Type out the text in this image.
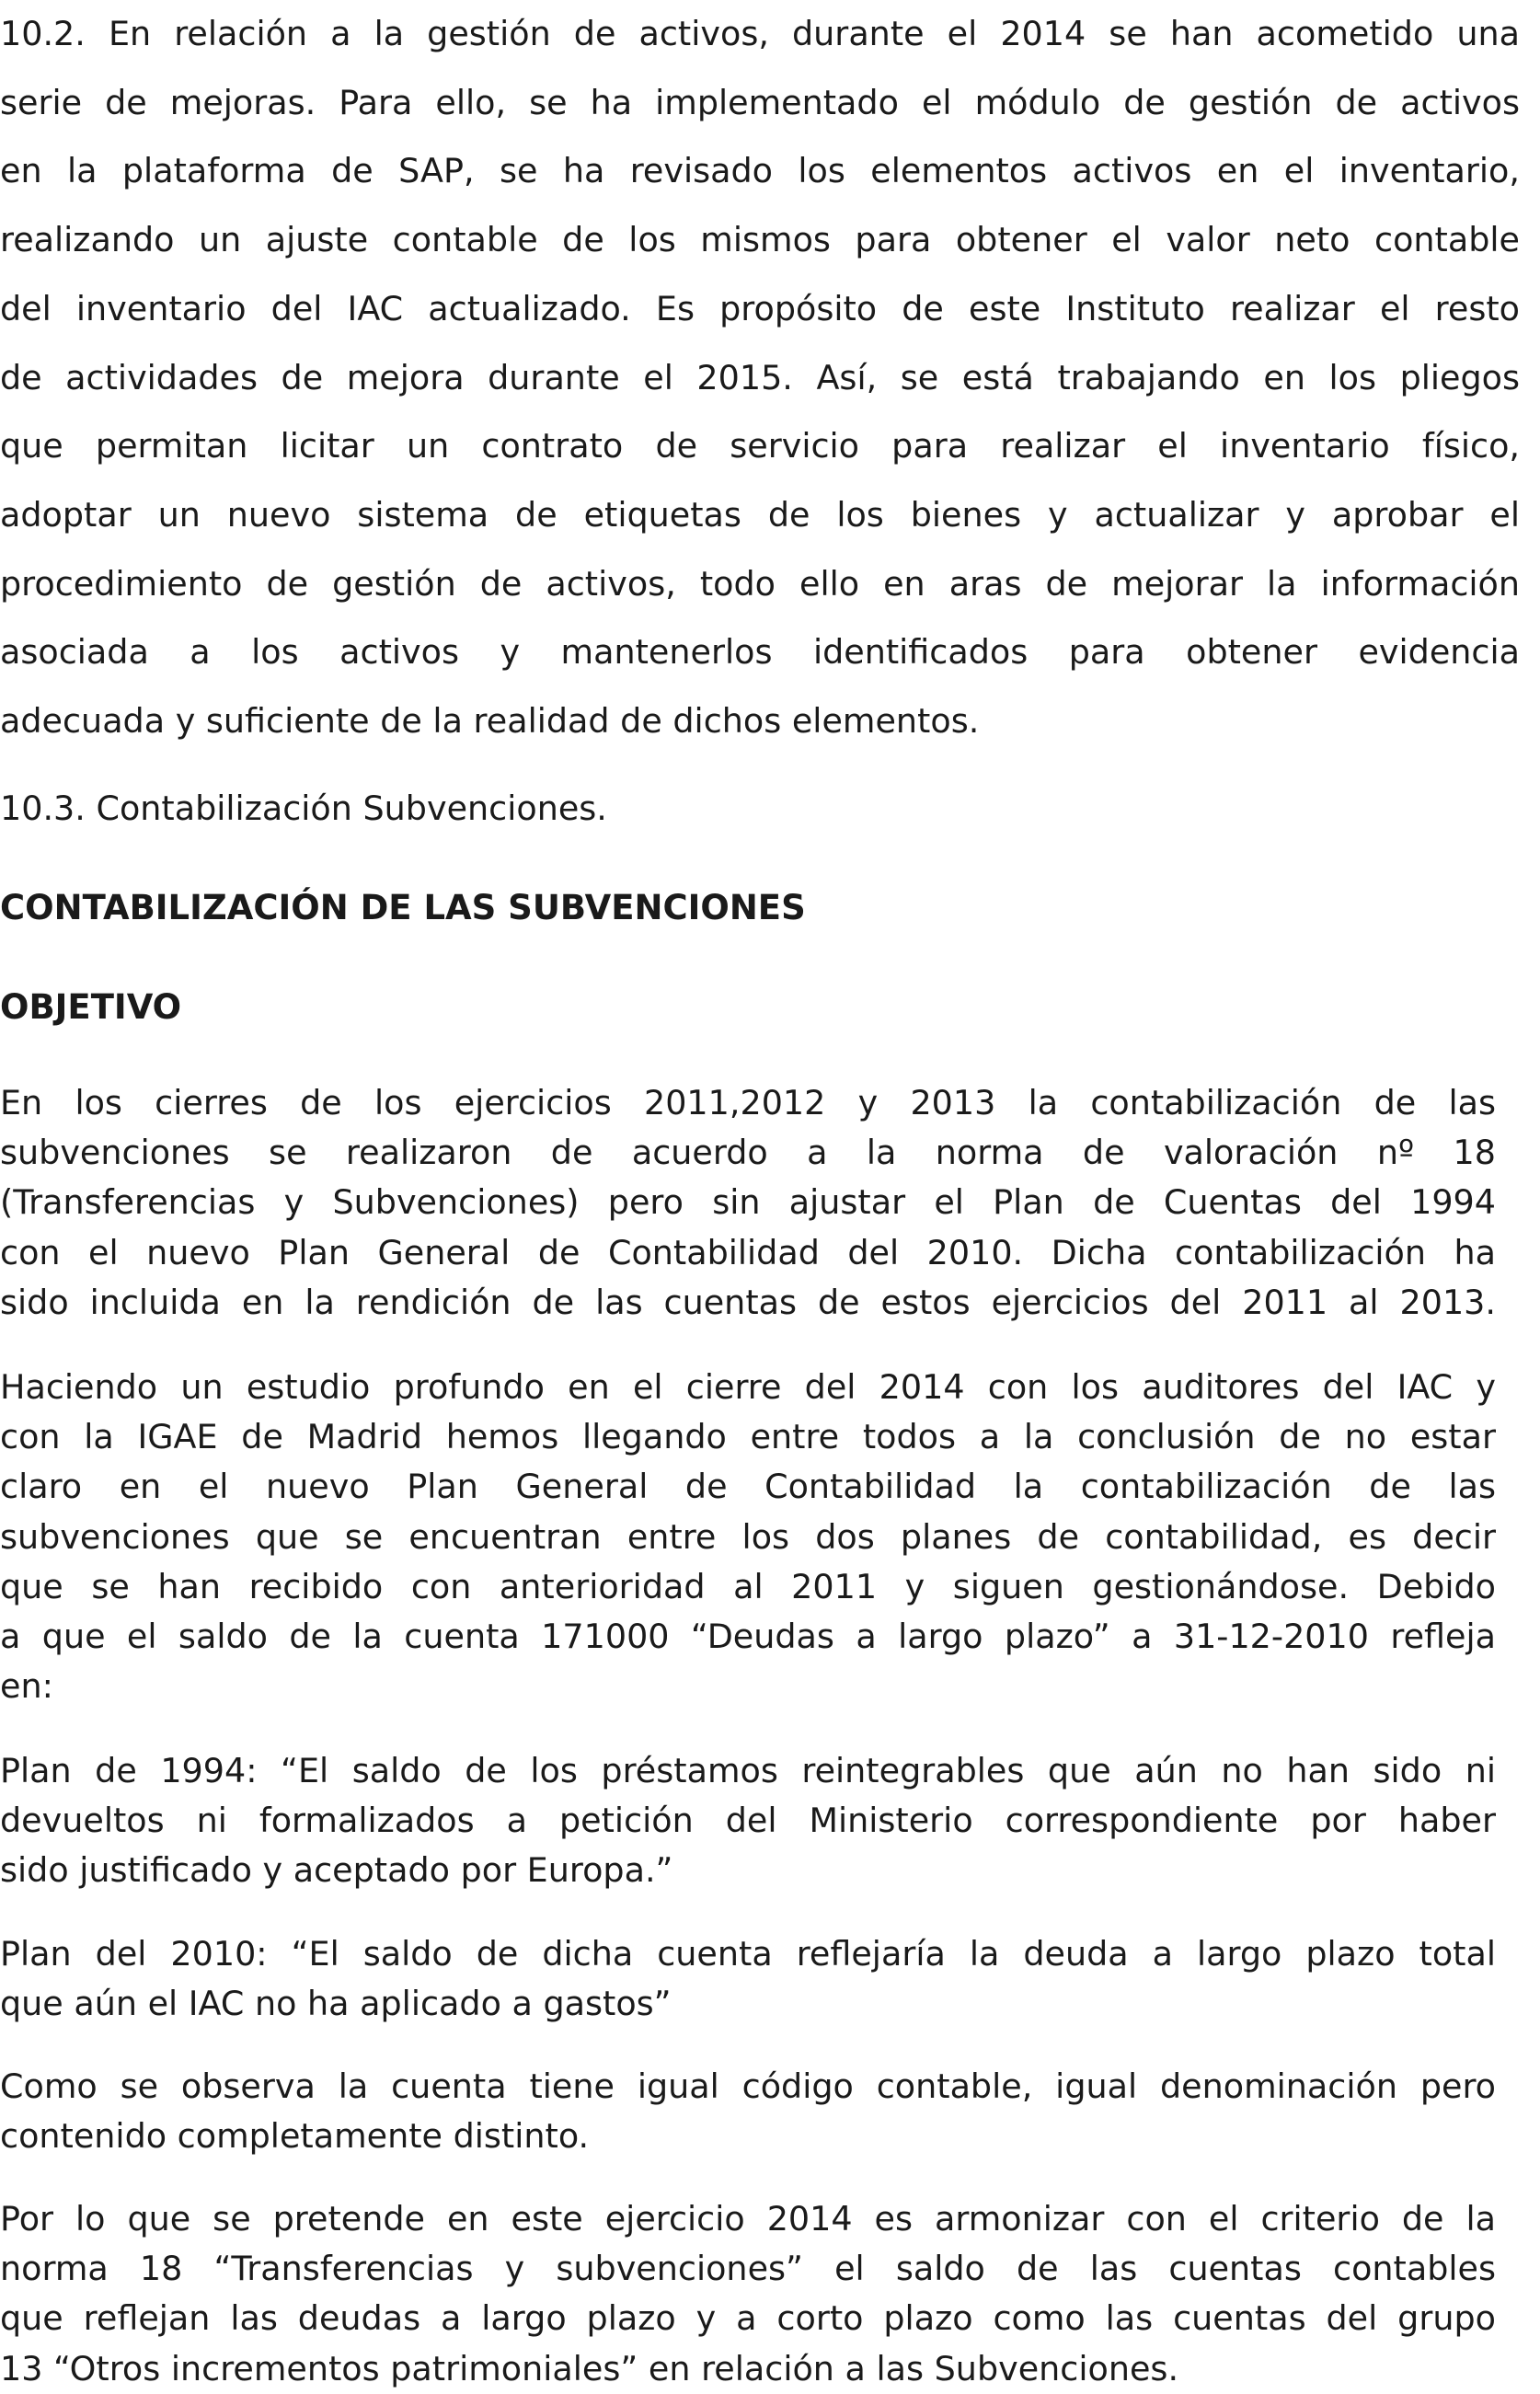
10.2. En relación a la gestión de activos, durante el 2014 se han acometido una
serie de mejoras. Para ello, se ha implementado el módulo de gestión de activos
en la plataforma de SAP, se ha revisado los elementos activos en el inventario,
realizando un ajuste contable de los mismos para obtener el valor neto contable
del inventario del IAC actualizado. Es propósito de este Instituto realizar el resto
de actividades de mejora durante el 2015. Así, se está trabajando en los pliegos
que permitan licitar un contrato de servicio para realizar el inventario físico,
adoptar un nuevo sistema de etiquetas de los bienes y actualizar y aprobar el
procedimiento de gestión de activos, todo ello en aras de mejorar la información
asociada a los activos y mantenerlos identificados para obtener evidencia
adecuada y suficiente de la realidad de dichos elementos.

10.3. Contabilización Subvenciones.

CONTABILIZACIÓN DE LAS SUBVENCIONES

OBJETIVO

En los cierres de los ejercicios 2011,2012 y 2013 la contabilización de las
subvenciones se realizaron de acuerdo a la norma de valoración nº 18
(Transferencias y Subvenciones) pero sin ajustar el Plan de Cuentas del 1994
con el nuevo Plan General de Contabilidad del 2010. Dicha contabilización ha
sido incluida en la rendición de las cuentas de estos ejercicios del 2011 al 2013.
Haciendo un estudio profundo en el cierre del 2014 con los auditores del IAC y
con la IGAE de Madrid hemos llegando entre todos a la conclusión de no estar
claro en el nuevo Plan General de Contabilidad la contabilización de las
subvenciones que se encuentran entre los dos planes de contabilidad, es decir
que se han recibido con anterioridad al 2011 y siguen gestionándose. Debido
a que el saldo de la cuenta 171000 “Deudas a largo plazo” a 31-12-2010 refleja
en:
Plan de 1994: “El saldo de los préstamos reintegrables que aún no han sido ni
devueltos ni formalizados a petición del Ministerio correspondiente por haber
sido justificado y aceptado por Europa.”
Plan del 2010: “El saldo de dicha cuenta reflejaría la deuda a largo plazo total
que aún el IAC no ha aplicado a gastos”
Como se observa la cuenta tiene igual código contable, igual denominación pero
contenido completamente distinto.
Por lo que se pretende en este ejercicio 2014 es armonizar con el criterio de la
norma 18 “Transferencias y subvenciones” el saldo de las cuentas contables
que reflejan las deudas a largo plazo y a corto plazo como las cuentas del grupo
13 “Otros incrementos patrimoniales” en relación a las Subvenciones.
